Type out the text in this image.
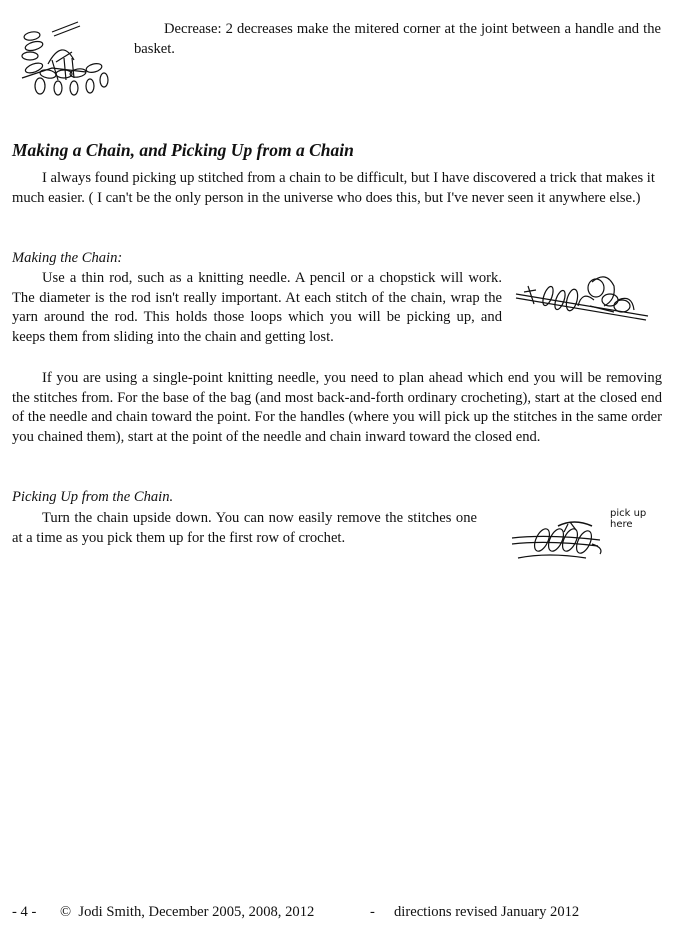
Decrease: 2 decreases make the mitered corner at the joint between a handle and the basket.

Making a Chain, and Picking Up from a Chain

I always found picking up stitched from a chain to be difficult, but I have discovered a trick that makes it much easier. ( I can't be the only person in the universe who does this, but I've never seen it anywhere else.)

Making the Chain:

Use a thin rod, such as a knitting needle. A pencil or a chopstick will work. The diameter is the rod isn't really important. At each stitch of the chain, wrap the yarn around the rod. This holds those loops which you will be picking up, and keeps them from sliding into the chain and getting lost.

If you are using a single-point knitting needle, you need to plan ahead which end you will be removing the stitches from. For the base of the bag (and most back-and-forth ordinary crocheting), start at the closed end of the needle and chain toward the point. For the handles (where you will pick up the stitches in the same order you chained them), start at the point of the needle and chain inward toward the closed end.

Picking Up from the Chain.

Turn the chain upside down. You can now easily remove the stitches one at a time as you pick them up for the first row of crochet.

pick up
here
- 4 - ©  Jodi Smith, December 2005, 2008, 2012	- directions revised January 2012
